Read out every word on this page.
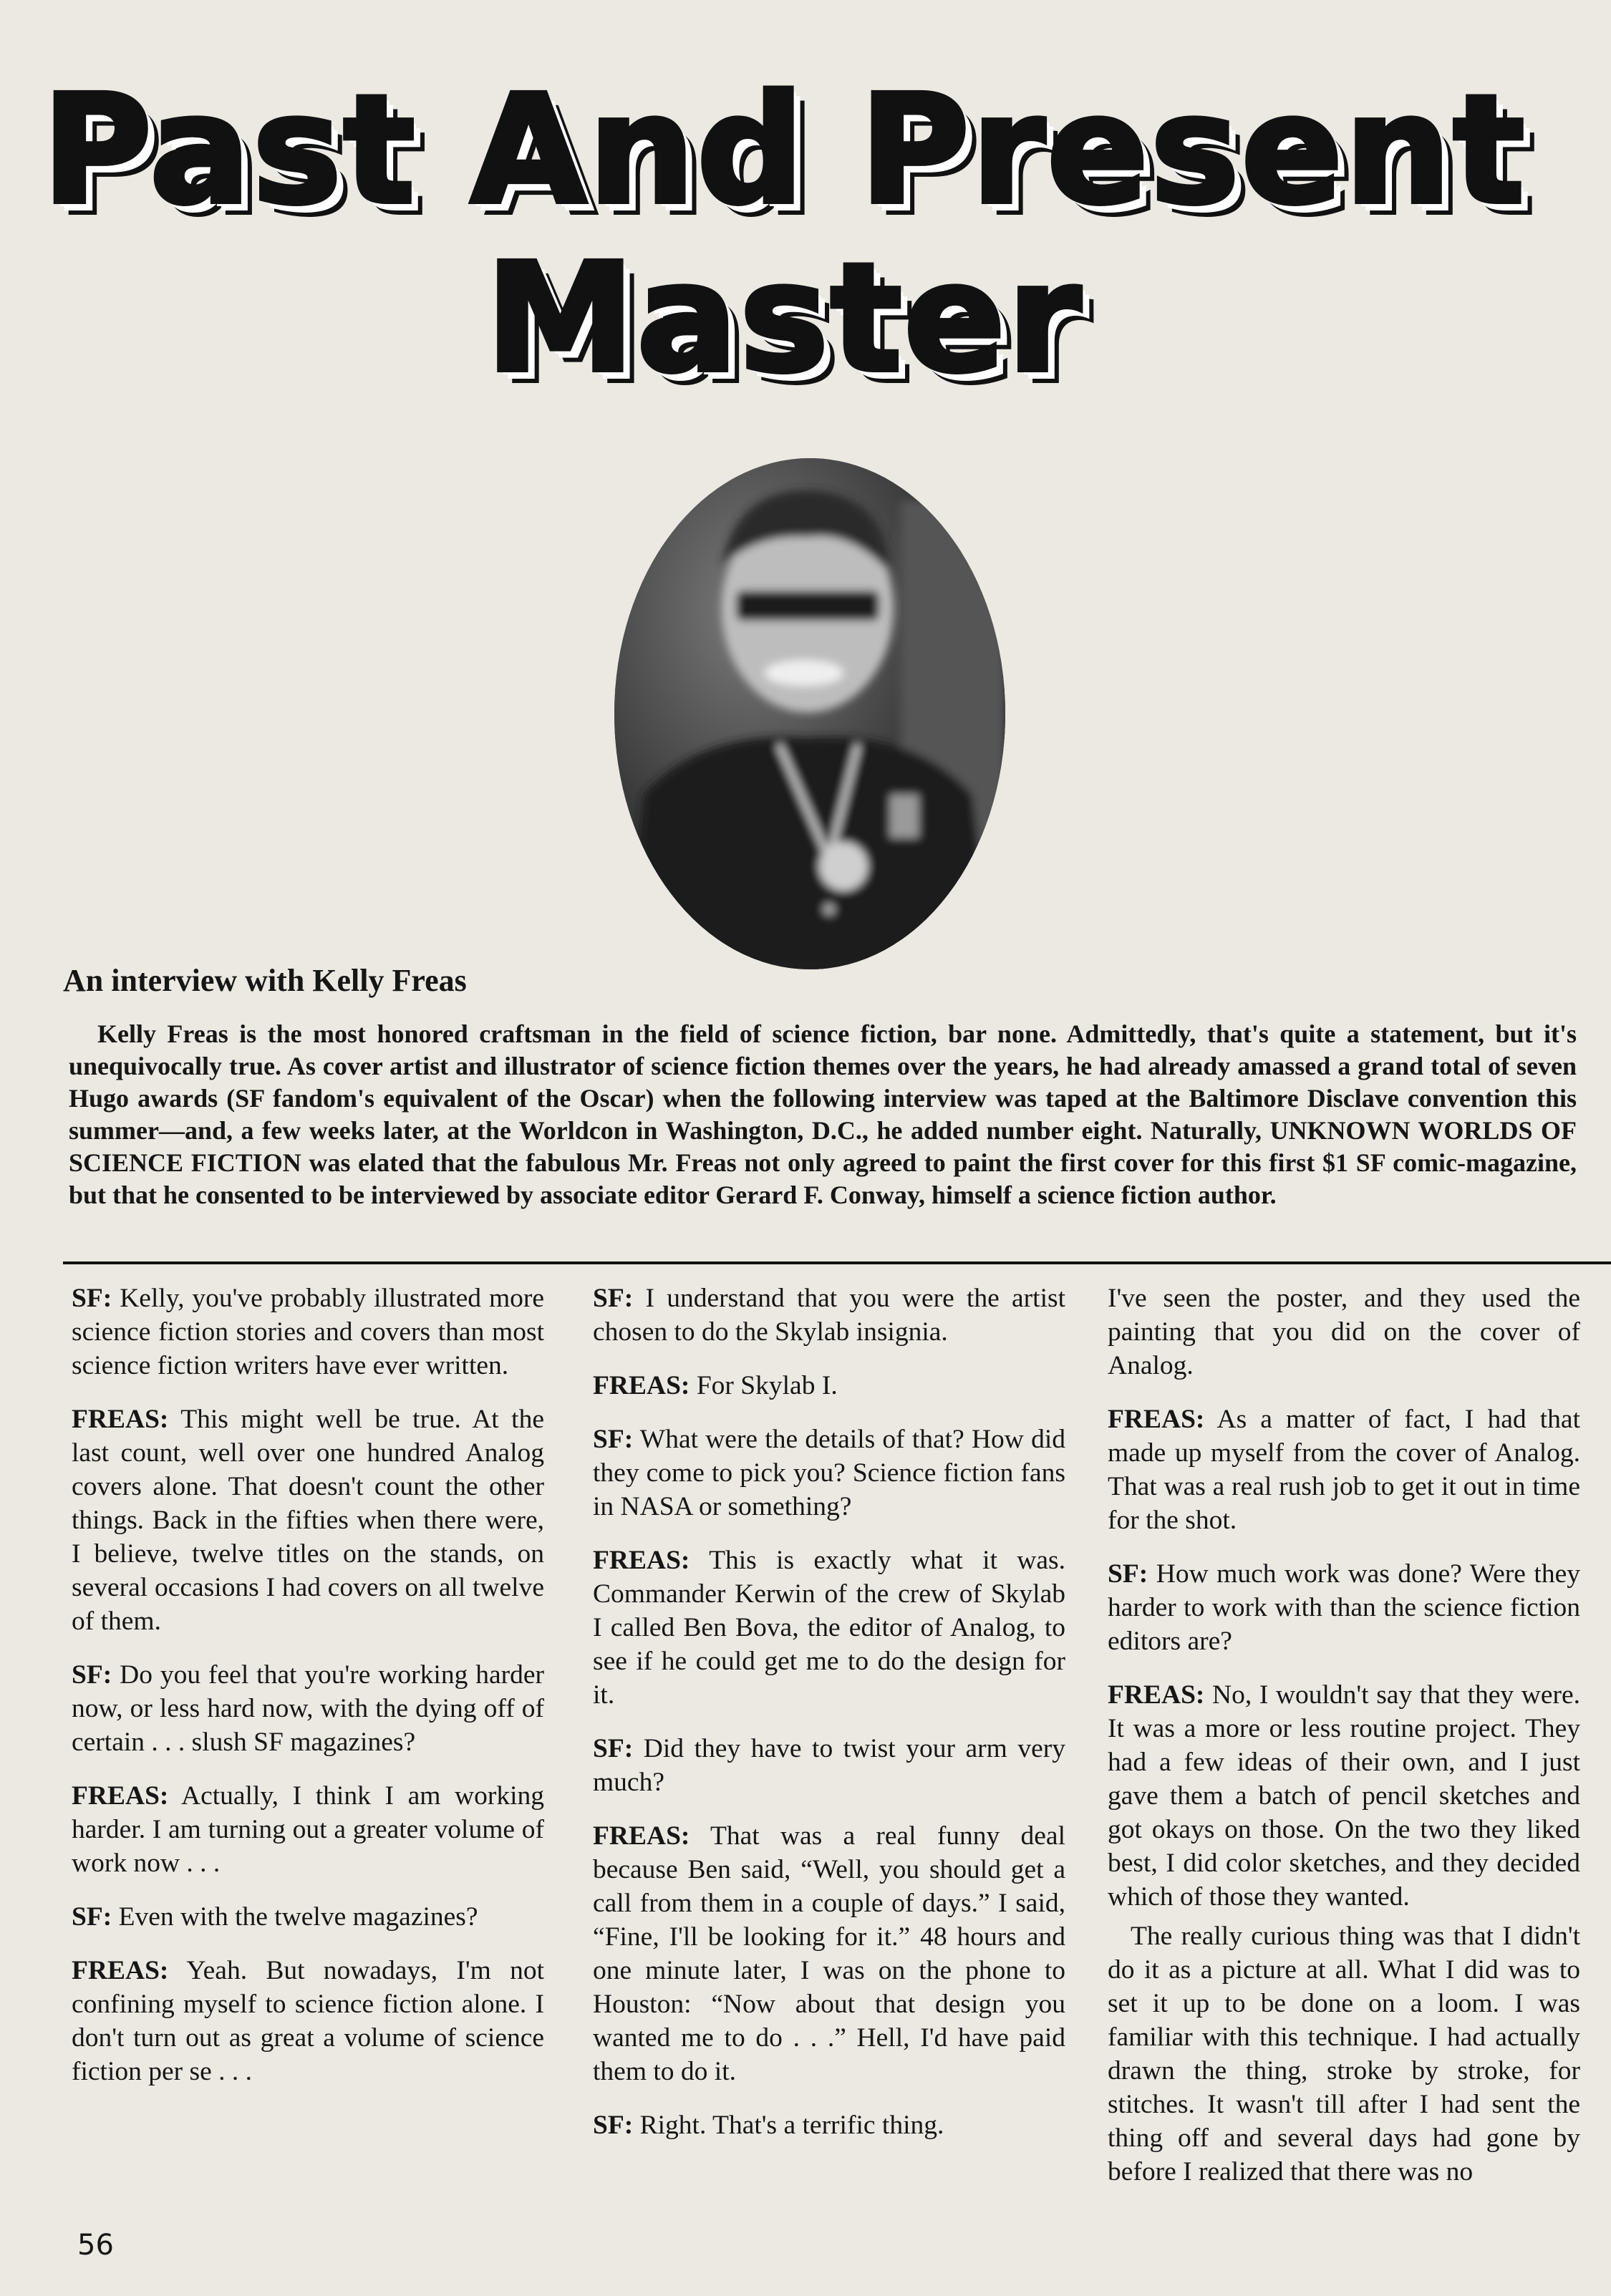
Past And Present
Master
An interview with Kelly Freas

Kelly Freas is the most honored craftsman in the field of science fiction, bar none. Admittedly, that's quite a statement, but it's unequivocally true. As cover artist and illustrator of science fiction themes over the years, he had already amassed a grand total of seven Hugo awards (SF fandom's equivalent of the Oscar) when the following interview was taped at the Baltimore Disclave convention this summer—and, a few weeks later, at the Worldcon in Washington, D.C., he added number eight. Naturally, UNKNOWN WORLDS OF SCIENCE FICTION was elated that the fabulous Mr. Freas not only agreed to paint the first cover for this first $1 SF comic-magazine, but that he consented to be interviewed by associate editor Gerard F. Conway, himself a science fiction author.

SF: Kelly, you've probably illustrated more science fiction stories and covers than most science fiction writers have ever written.

FREAS: This might well be true. At the last count, well over one hundred Analog covers alone. That doesn't count the other things. Back in the fifties when there were, I believe, twelve titles on the stands, on several occasions I had covers on all twelve of them.

SF: Do you feel that you're working harder now, or less hard now, with the dying off of certain . . . slush SF magazines?

FREAS: Actually, I think I am working harder. I am turning out a greater volume of work now . . .

SF: Even with the twelve magazines?

FREAS: Yeah. But nowadays, I'm not confining myself to science fiction alone. I don't turn out as great a volume of science fiction per se . . .

SF: I understand that you were the artist chosen to do the Skylab insignia.

FREAS: For Skylab I.

SF: What were the details of that? How did they come to pick you? Science fiction fans in NASA or something?

FREAS: This is exactly what it was. Commander Kerwin of the crew of Skylab I called Ben Bova, the editor of Analog, to see if he could get me to do the design for it.

SF: Did they have to twist your arm very much?

FREAS: That was a real funny deal because Ben said, “Well, you should get a call from them in a couple of days.” I said, “Fine, I'll be looking for it.” 48 hours and one minute later, I was on the phone to Houston: “Now about that design you wanted me to do . . .” Hell, I'd have paid them to do it.

SF: Right. That's a terrific thing.

I've seen the poster, and they used the painting that you did on the cover of Analog.

FREAS: As a matter of fact, I had that made up myself from the cover of Analog. That was a real rush job to get it out in time for the shot.

SF: How much work was done? Were they harder to work with than the science fiction editors are?

FREAS: No, I wouldn't say that they were. It was a more or less routine project. They had a few ideas of their own, and I just gave them a batch of pencil sketches and got okays on those. On the two they liked best, I did color sketches, and they decided which of those they wanted.

The really curious thing was that I didn't do it as a picture at all. What I did was to set it up to be done on a loom. I was familiar with this technique. I had actually drawn the thing, stroke by stroke, for stitches. It wasn't till after I had sent the thing off and several days had gone by before I realized that there was no

56
